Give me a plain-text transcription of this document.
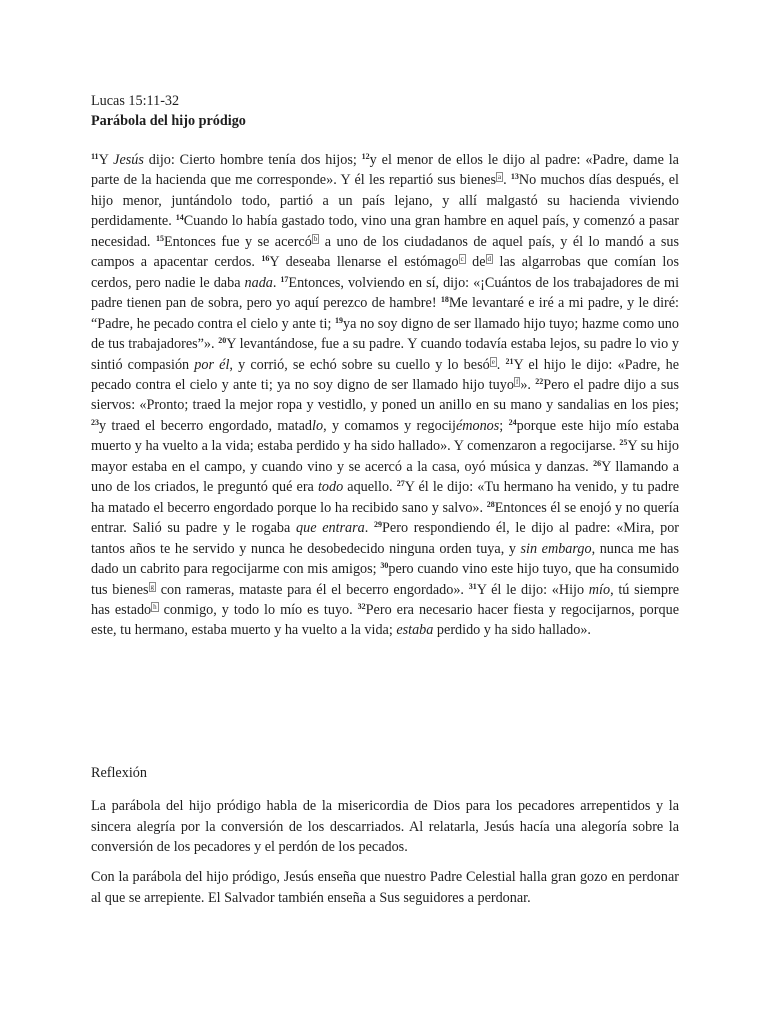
Lucas 15:11-32
Parábola del hijo pródigo

$^{11}$Y Jesús dijo: Cierto hombre tenía dos hijos; $^{12}$y el menor de ellos le dijo al padre: «Padre, dame la parte de la hacienda que me corresponde». Y él les repartió sus bienes $^a$ . $^{13}$No muchos días después, el hijo menor, juntándolo todo, partió a un país lejano, y allí malgastó su hacienda viviendo perdidamente. $^{14}$Cuando lo había gastado todo, vino una gran hambre en aquel país, y comenzó a pasar necesidad. $^{15}$Entonces fue y se acercó $^b$ a uno de los ciudadanos de aquel país, y él lo mandó a sus campos a apacentar cerdos. $^{16}$Y deseaba llenarse el estómago $^c$ de $^d$ las algarrobas que comían los cerdos, pero nadie le daba nada. $^{17}$Entonces, volviendo en sí, dijo: «¡Cuántos de los trabajadores de mi padre tienen pan de sobra, pero yo aquí perezco de hambre! $^{18}$Me levantaré e iré a mi padre, y le diré: “Padre, he pecado contra el cielo y ante ti; $^{19}$ya no soy digno de ser llamado hijo tuyo; hazme como uno de tus trabajadores”». $^{20}$Y levantándose, fue a su padre. Y cuando todavía estaba lejos, su padre lo vio y sintió compasión por él, y corrió, se echó sobre su cuello y lo besó $^e$ . $^{21}$Y el hijo le dijo: «Padre, he pecado contra el cielo y ante ti; ya no soy digno de ser llamado hijo tuyo $^f$ ». $^{22}$Pero el padre dijo a sus siervos: «Pronto; traed la mejor ropa y vestidlo, y poned un anillo en su mano y sandalias en los pies; $^{23}$y traed el becerro engordado, matadlo, y comamos y regocijémonos; $^{24}$porque este hijo mío estaba muerto y ha vuelto a la vida; estaba perdido y ha sido hallado». Y comenzaron a regocijarse. $^{25}$Y su hijo mayor estaba en el campo, y cuando vino y se acercó a la casa, oyó música y danzas. $^{26}$Y llamando a uno de los criados, le preguntó qué era todo aquello. $^{27}$Y él le dijo: «Tu hermano ha venido, y tu padre ha matado el becerro engordado porque lo ha recibido sano y salvo». $^{28}$Entonces él se enojó y no quería entrar. Salió su padre y le rogaba que entrara. $^{29}$Pero respondiendo él, le dijo al padre: «Mira, por tantos años te he servido y nunca he desobedecido ninguna orden tuya, y sin embargo, nunca me has dado un cabrito para regocijarme con mis amigos; $^{30}$pero cuando vino este hijo tuyo, que ha consumido tus bienes $^g$ con rameras, mataste para él el becerro engordado». $^{31}$Y él le dijo: «Hijo mío, tú siempre has estado $^h$ conmigo, y todo lo mío es tuyo. $^{32}$Pero era necesario hacer fiesta y regocijarnos, porque este, tu hermano, estaba muerto y ha vuelto a la vida; estaba perdido y ha sido hallado».

Reflexión

La parábola del hijo pródigo habla de la misericordia de Dios para los pecadores arrepentidos y la sincera alegría por la conversión de los descarriados. Al relatarla, Jesús hacía una alegoría sobre la conversión de los pecadores y el perdón de los pecados.

Con la parábola del hijo pródigo, Jesús enseña que nuestro Padre Celestial halla gran gozo en perdonar al que se arrepiente. El Salvador también enseña a Sus seguidores a perdonar.
